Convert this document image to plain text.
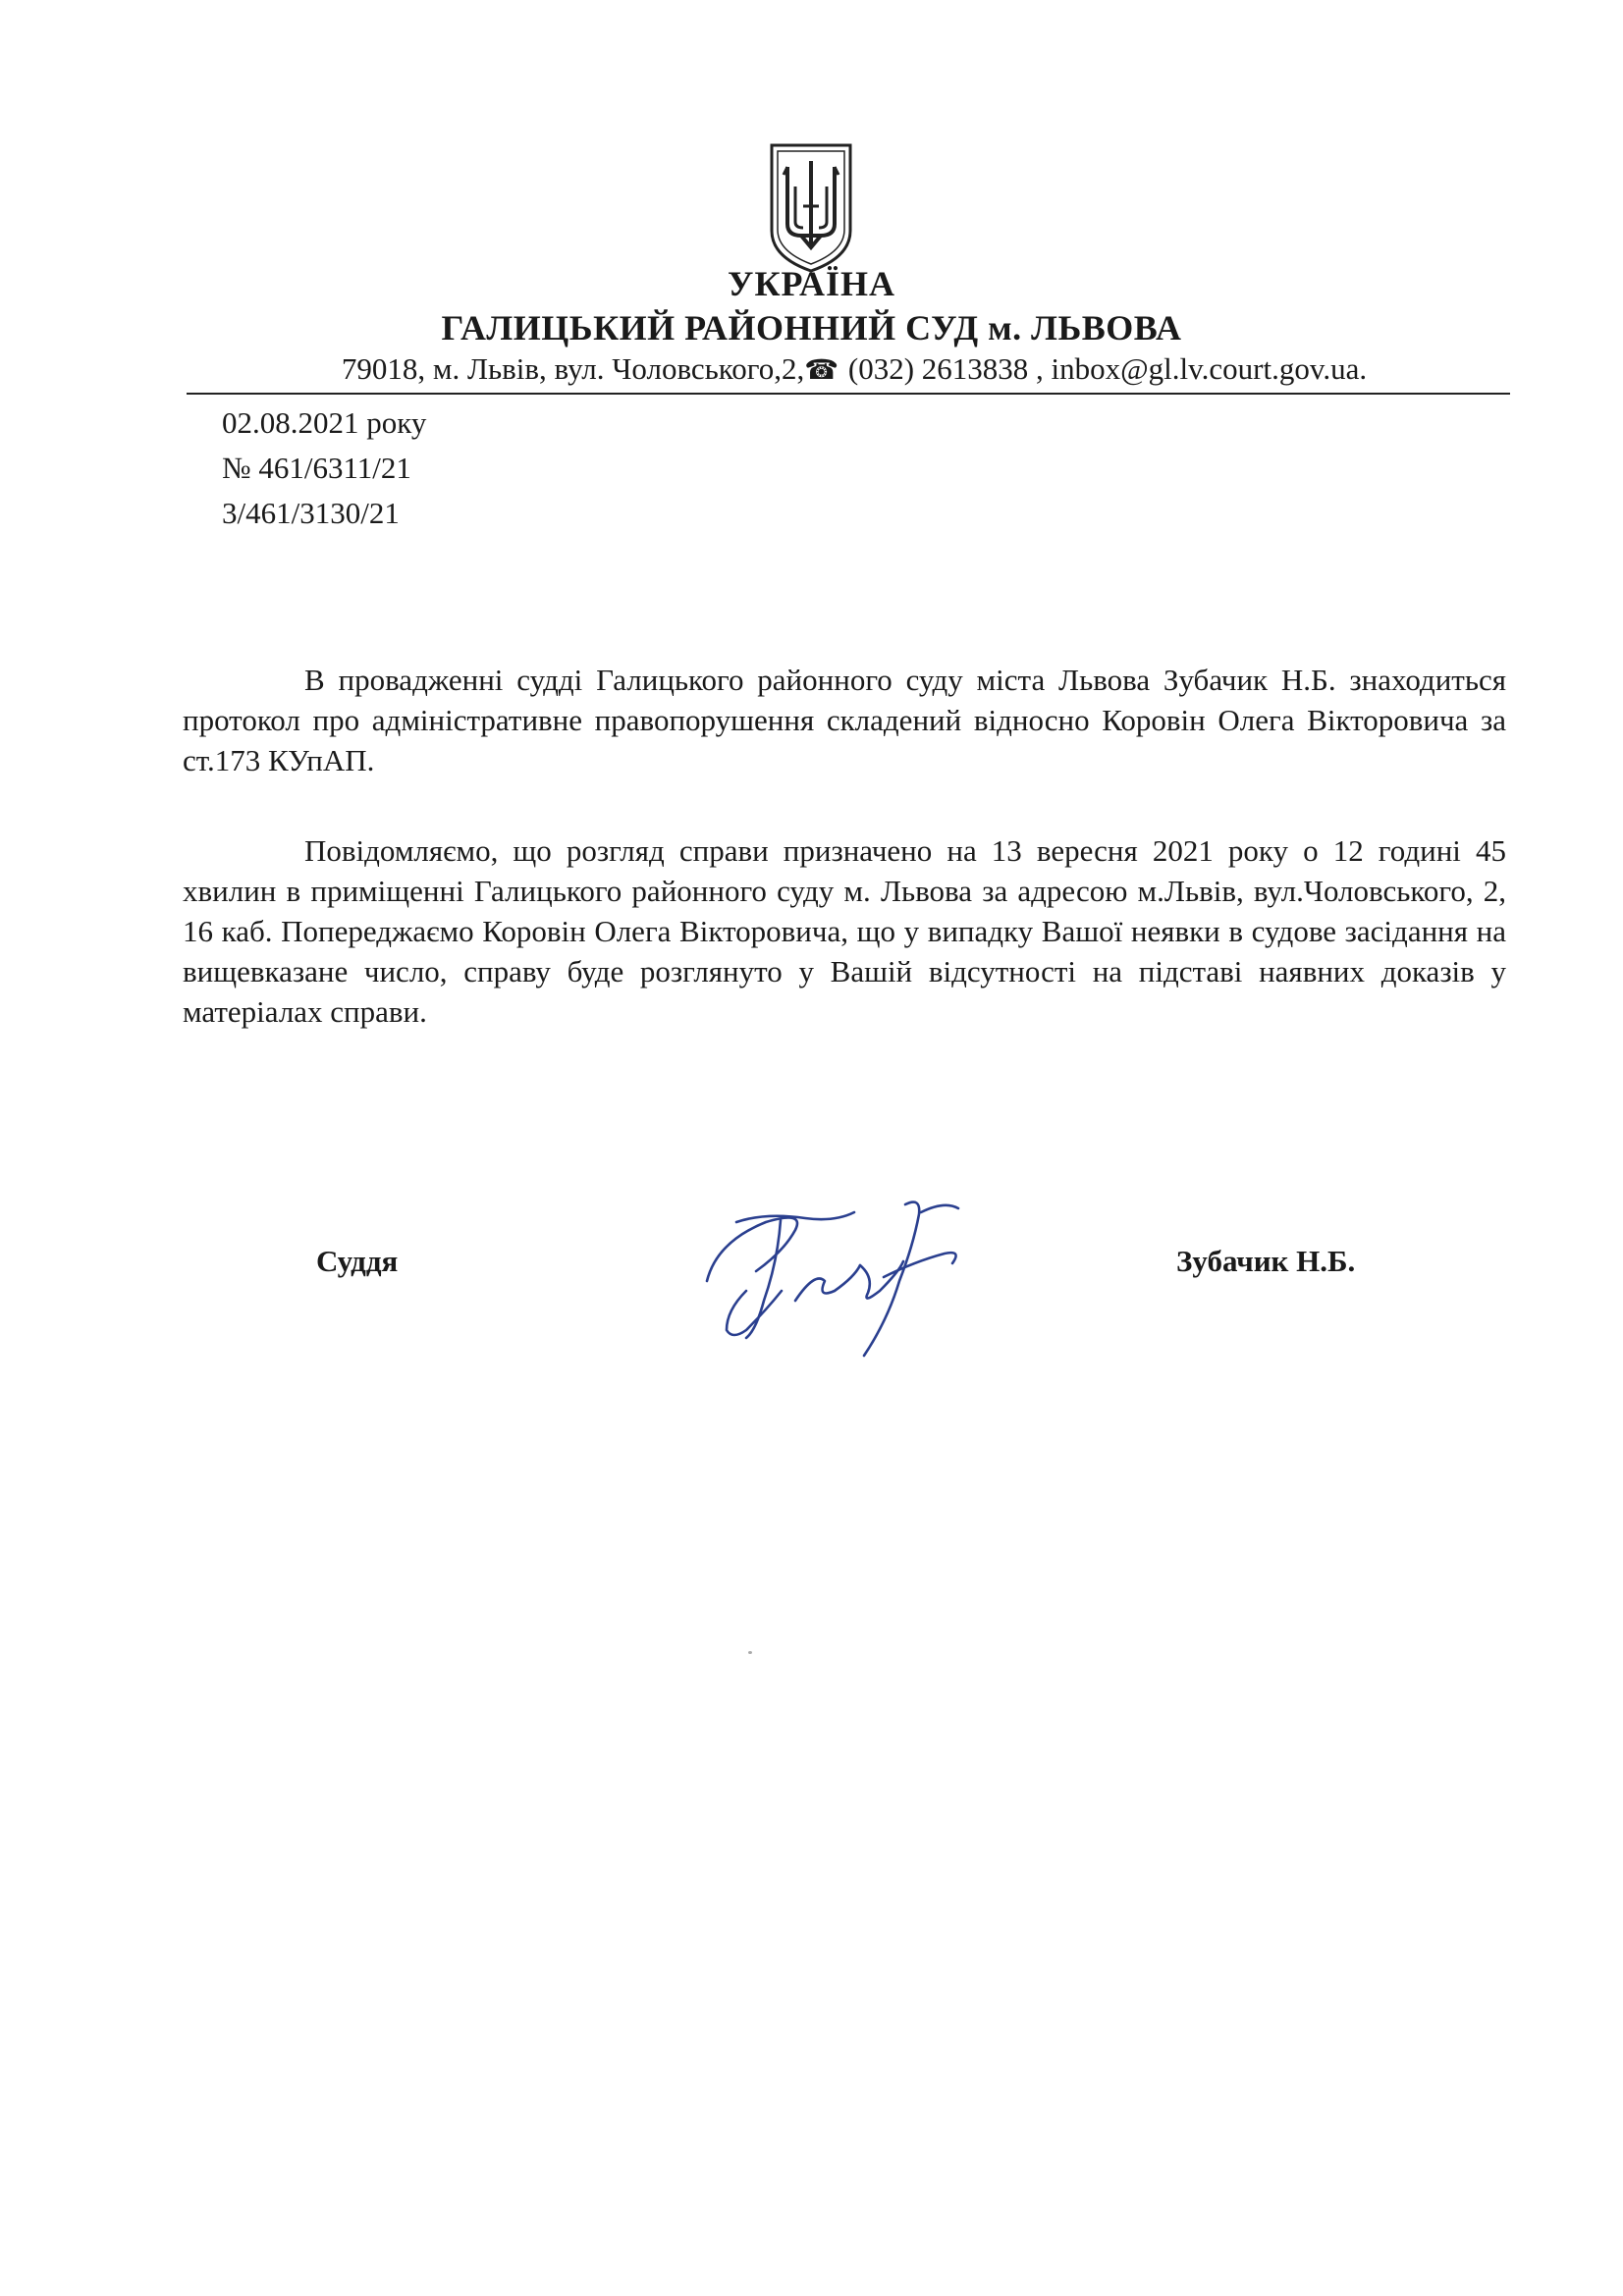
УКРАЇНА
ГАЛИЦЬКИЙ РАЙОННИЙ СУД м. ЛЬВОВА
79018, м. Львів, вул. Чоловського,2,☎ (032) 2613838 , inbox@gl.lv.court.gov.ua.
02.08.2021 року
№ 461/6311/21
3/461/3130/21

В провадженні судді Галицького районного суду міста Львова Зубачик Н.Б. знаходиться протокол про адміністративне правопорушення складений відносно Коровін Олега Вікторовича за ст.173 КУпАП.

Повідомляємо, що розгляд справи призначено на 13 вересня 2021 року о 12 годині 45 хвилин в приміщенні Галицького районного суду м. Львова за адресою м.Львів, вул.Чоловського, 2, 16 каб. Попереджаємо Коровін Олега Вікторовича, що у випадку Вашої неявки в судове засідання на вищевказане число, справу буде розглянуто у Вашій відсутності на підставі наявних доказів у матеріалах справи.

Суддя	Зубачик Н.Б.
